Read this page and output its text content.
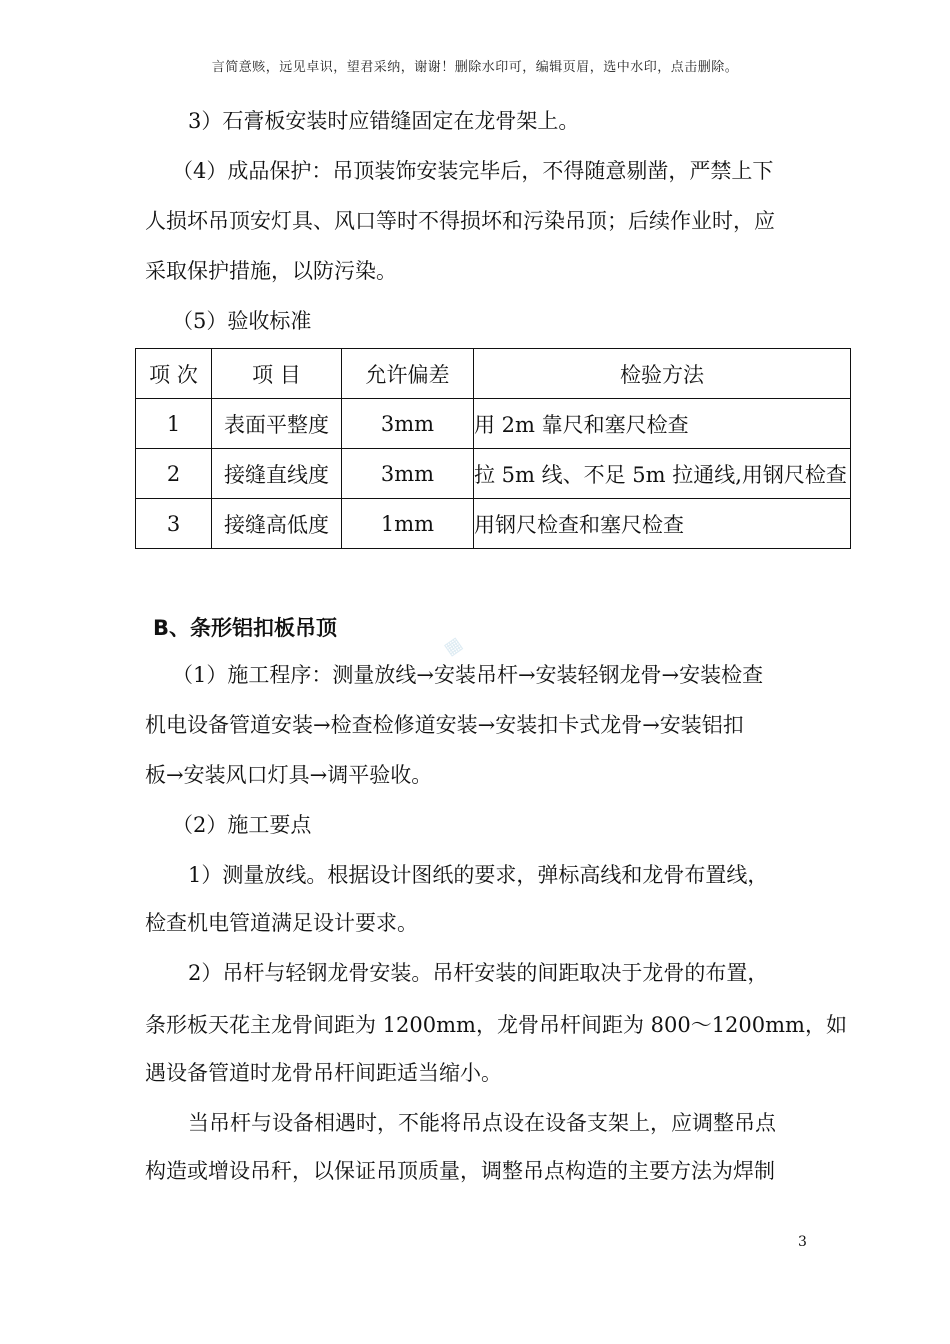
言简意赅，远见卓识，望君采纳，谢谢！删除水印可，编辑页眉，选中水印，点击删除。
3）石膏板安装时应错缝固定在龙骨架上。
（4）成品保护：吊顶装饰安装完毕后，不得随意剔凿，严禁上下
人损坏吊顶安灯具、风口等时不得损坏和污染吊顶；后续作业时，应
采取保护措施，以防污染。
（5）验收标准
项 次	项 目	允许偏差	检验方法
1	表面平整度	3mm	用 2m 靠尺和塞尺检查
2	接缝直线度	3mm	拉 5m 线、不足 5m 拉通线,用钢尺检查
3	接缝高低度	1mm	用钢尺检查和塞尺检查
B、条形铝扣板吊顶
▦
（1）施工程序：测量放线→安装吊杆→安装轻钢龙骨→安装检查
机电设备管道安装→检查检修道安装→安装扣卡式龙骨→安装铝扣
板→安装风口灯具→调平验收。
（2）施工要点
1）测量放线。根据设计图纸的要求，弹标高线和龙骨布置线，
检查机电管道满足设计要求。
2）吊杆与轻钢龙骨安装。吊杆安装的间距取决于龙骨的布置，
条形板天花主龙骨间距为 1200mm，龙骨吊杆间距为 800～1200mm，如
遇设备管道时龙骨吊杆间距适当缩小。
当吊杆与设备相遇时，不能将吊点设在设备支架上，应调整吊点
构造或增设吊秆，以保证吊顶质量，调整吊点构造的主要方法为焊制
3
